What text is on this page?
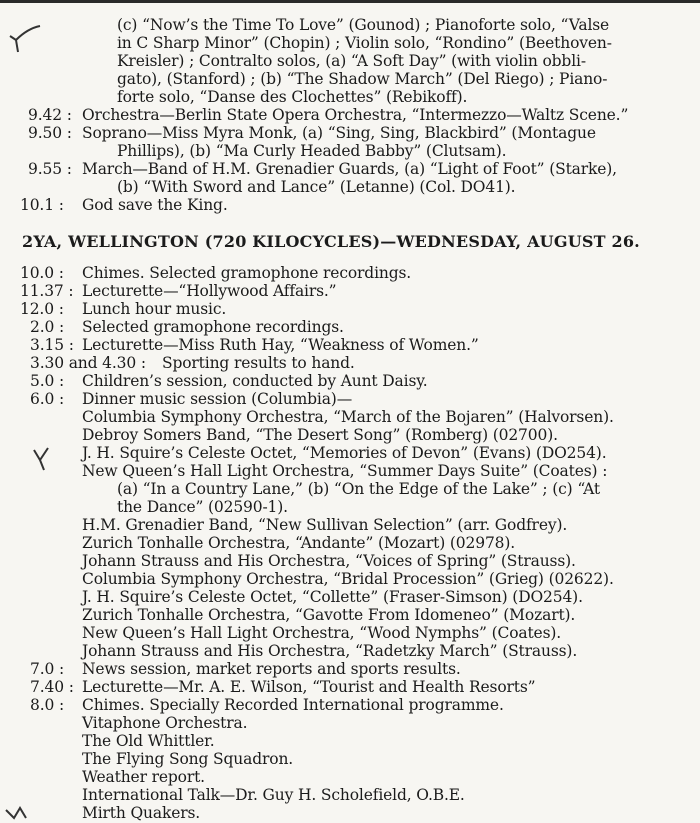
(c) “Now’s the Time To Love” (Gounod) ; Pianoforte solo, “Valse
in C Sharp Minor” (Chopin) ; Violin solo, “Rondino” (Beethoven-
Kreisler) ; Contralto solos, (a) “A Soft Day” (with violin obbli-
gato), (Stanford) ; (b) “The Shadow March” (Del Riego) ; Piano-
forte solo, “Danse des Clochettes” (Rebikoff).
9.42 : Orchestra—Berlin State Opera Orchestra, “Intermezzo—Waltz Scene.”
9.50 : Soprano—Miss Myra Monk, (a) “Sing, Sing, Blackbird” (Montague
Phillips), (b) “Ma Curly Headed Babby” (Clutsam).
9.55 : March—Band of H.M. Grenadier Guards, (a) “Light of Foot” (Starke),
(b) “With Sword and Lance” (Letanne) (Col. DO41).
10.1 : God save the King.
2YA, WELLINGTON (720 KILOCYCLES)—WEDNESDAY, AUGUST 26.
10.0 : Chimes. Selected gramophone recordings.
11.37 : Lecturette—“Hollywood Affairs.”
12.0 : Lunch hour music.
2.0 : Selected gramophone recordings.
3.15 : Lecturette—Miss Ruth Hay, “Weakness of Women.”
3.30 and 4.30 : Sporting results to hand.
5.0 : Children’s session, conducted by Aunt Daisy.
6.0 : Dinner music session (Columbia)—
Columbia Symphony Orchestra, “March of the Bojaren” (Halvorsen).
Debroy Somers Band, “The Desert Song” (Romberg) (02700).
J. H. Squire’s Celeste Octet, “Memories of Devon” (Evans) (DO254).
New Queen’s Hall Light Orchestra, “Summer Days Suite” (Coates) :
(a) “In a Country Lane,” (b) “On the Edge of the Lake” ; (c) “At
the Dance” (02590-1).
H.M. Grenadier Band, “New Sullivan Selection” (arr. Godfrey).
Zurich Tonhalle Orchestra, “Andante” (Mozart) (02978).
Johann Strauss and His Orchestra, “Voices of Spring” (Strauss).
Columbia Symphony Orchestra, “Bridal Procession” (Grieg) (02622).
J. H. Squire’s Celeste Octet, “Collette” (Fraser-Simson) (DO254).
Zurich Tonhalle Orchestra, “Gavotte From Idomeneo” (Mozart).
New Queen’s Hall Light Orchestra, “Wood Nymphs” (Coates).
Johann Strauss and His Orchestra, “Radetzky March” (Strauss).
7.0 : News session, market reports and sports results.
7.40 : Lecturette—Mr. A. E. Wilson, “Tourist and Health Resorts”
8.0 : Chimes. Specially Recorded International programme.
Vitaphone Orchestra.
The Old Whittler.
The Flying Song Squadron.
Weather report.
International Talk—Dr. Guy H. Scholefield, O.B.E.
Mirth Quakers.
